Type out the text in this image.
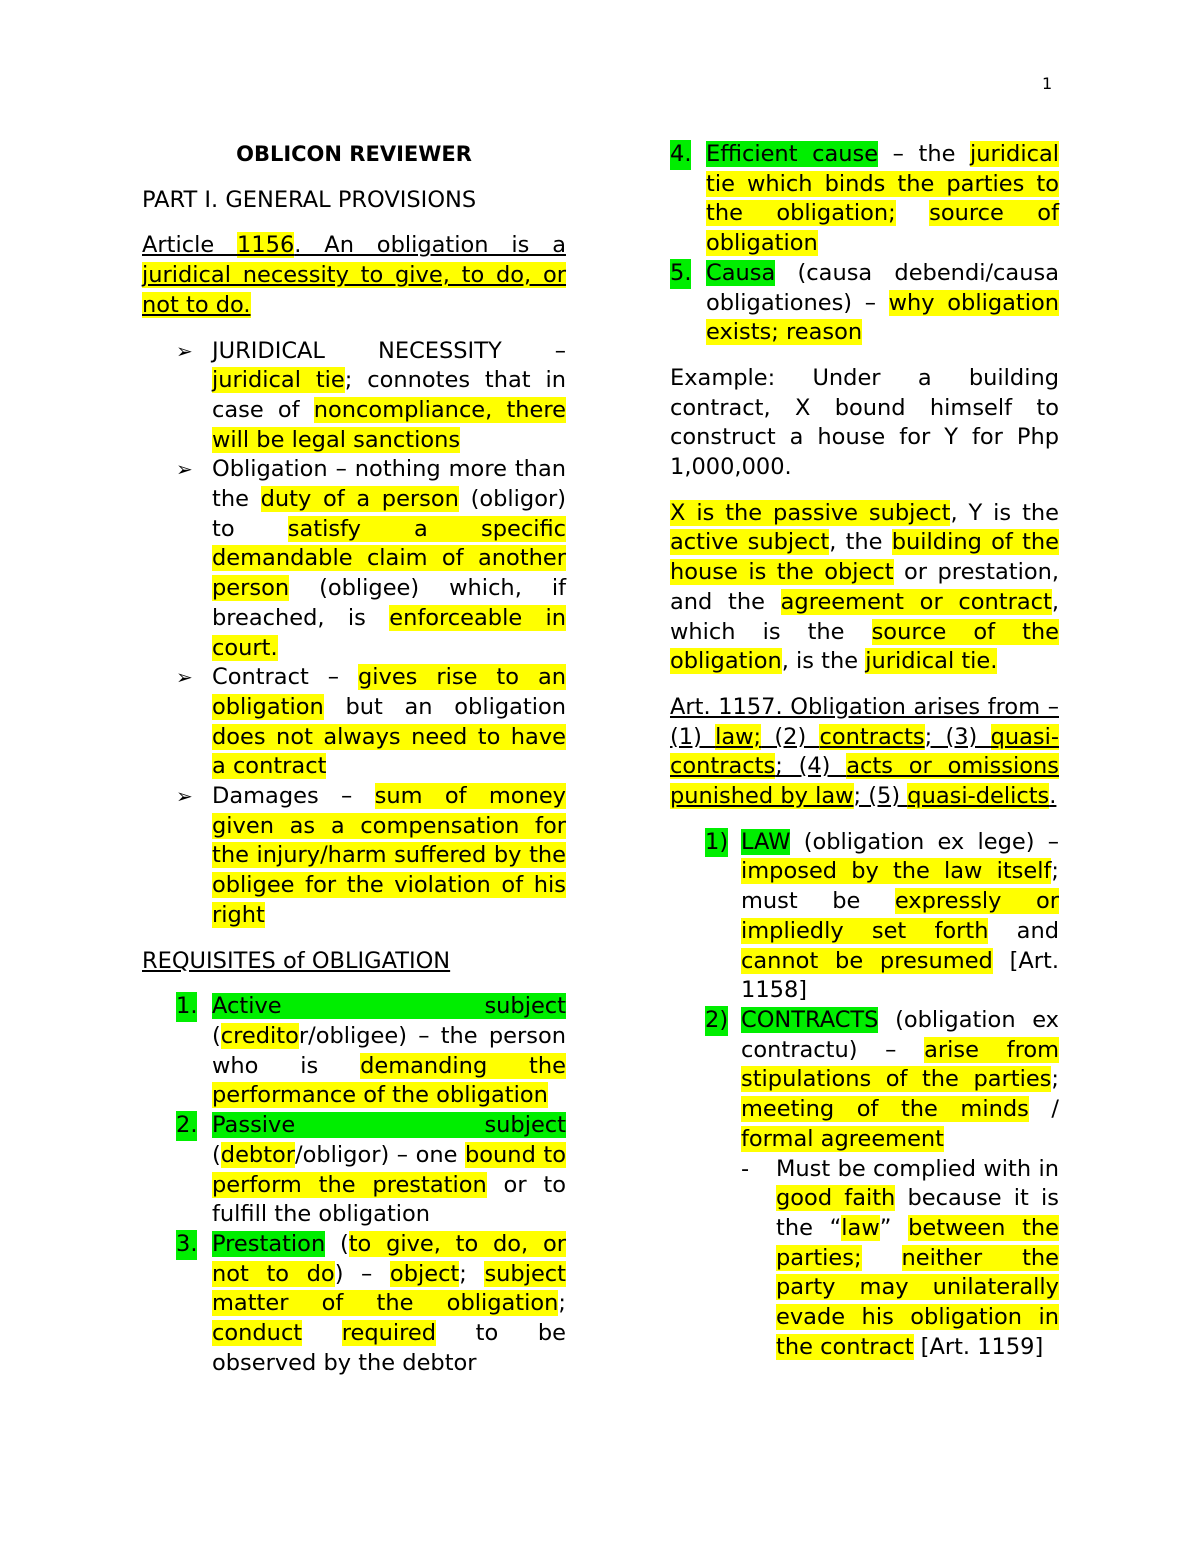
1
OBLICON REVIEWER

PART I. GENERAL PROVISIONS

Article 1156. An obligation is a juridical necessity to give, to do, or not to do.

➢ JURIDICAL NECESSITY – juridical tie; connotes that in case of noncompliance, there will be legal sanctions
➢ Obligation – nothing more than the duty of a person (obligor) to satisfy a specific demandable claim of another person (obligee) which, if breached, is enforceable in court.
➢ Contract – gives rise to an obligation but an obligation does not always need to have a contract
➢ Damages – sum of money given as a compensation for the injury/harm suffered by the obligee for the violation of his right

REQUISITES of OBLIGATION

1. Active subject
(creditor/obligee) – the person who is demanding the performance of the obligation
2. Passive subject
(debtor/obligor) – one bound to perform the prestation or to fulfill the obligation
3. Prestation (to give, to do, or not to do) – object; subject matter of the obligation; conduct required to be observed by the debtor
4. Efficient cause – the juridical tie which binds the parties to the obligation; source of obligation
5. Causa (causa debendi/causa obligationes) – why obligation exists; reason

Example: Under a building contract, X bound himself to construct a house for Y for Php 1,000,000.

X is the passive subject, Y is the active subject, the building of the house is the object or prestation, and the agreement or contract, which is the source of the obligation, is the juridical tie.

Art. 1157. Obligation arises from – (1) law; (2) contracts; (3) quasi-contracts; (4) acts or omissions punished by law; (5) quasi-delicts.

1) LAW (obligation ex lege) – imposed by the law itself; must be expressly or impliedly set forth and cannot be presumed [Art. 1158]
2) CONTRACTS (obligation ex contractu) – arise from stipulations of the parties; meeting of the minds / formal agreement
- Must be complied with in good faith because it is the “law” between the parties; neither the party may unilaterally evade his obligation in the contract [Art. 1159]
